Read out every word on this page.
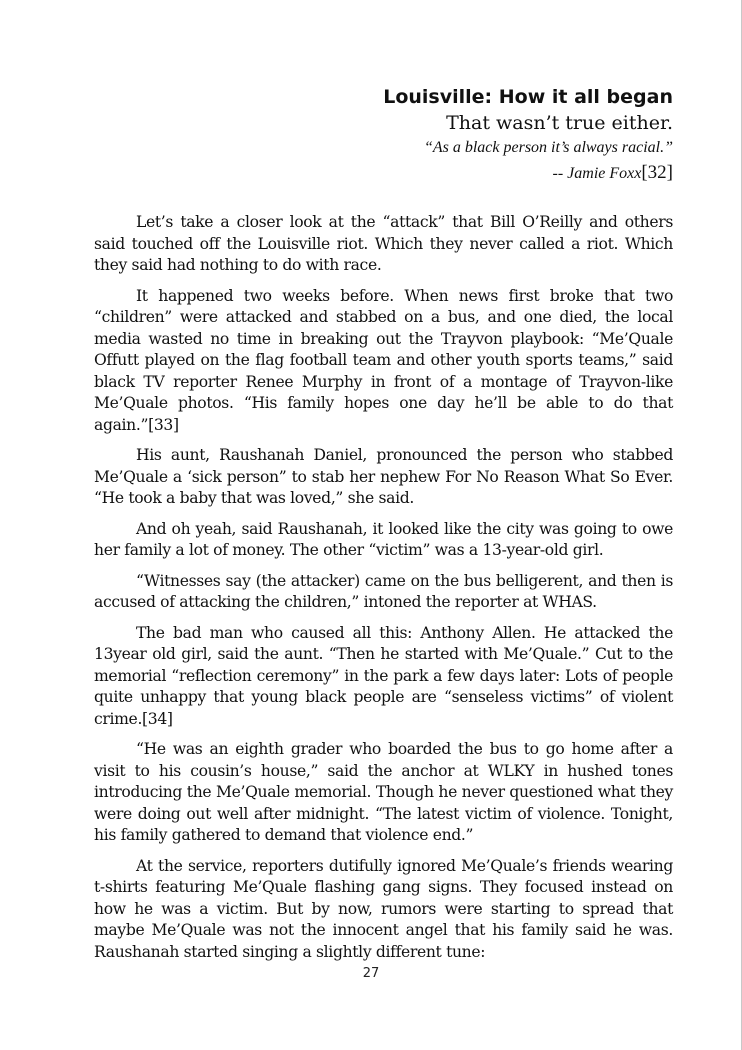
Louisville: How it all began

That wasn’t true either.

“As a black person it’s always racial.”

-- Jamie Foxx[32]

Let’s take a closer look at the “attack” that Bill O’Reilly and others said touched off the Louisville riot. Which they never called a riot. Which they said had nothing to do with race.

It happened two weeks before. When news first broke that two “children” were attacked and stabbed on a bus, and one died, the local media wasted no time in breaking out the Trayvon playbook: “Me’Quale Offutt played on the flag football team and other youth sports teams,” said black TV reporter Renee Murphy in front of a montage of Trayvon-like Me’Quale photos. “His family hopes one day he’ll be able to do that again.”[33]

His aunt, Raushanah Daniel, pronounced the person who stabbed Me’Quale a ‘sick person” to stab her nephew For No Reason What So Ever. “He took a baby that was loved,” she said.

And oh yeah, said Raushanah, it looked like the city was going to owe her family a lot of money. The other “victim” was a 13-year-old girl.

“Witnesses say (the attacker) came on the bus belligerent, and then is accused of attacking the children,” intoned the reporter at WHAS.

The bad man who caused all this: Anthony Allen. He attacked the 13year old girl, said the aunt. “Then he started with Me’Quale.” Cut to the memorial “reflection ceremony” in the park a few days later: Lots of people quite unhappy that young black people are “senseless victims” of violent crime.[34]

“He was an eighth grader who boarded the bus to go home after a visit to his cousin’s house,” said the anchor at WLKY in hushed tones introducing the Me’Quale memorial. Though he never questioned what they were doing out well after midnight. “The latest victim of violence. Tonight, his family gathered to demand that violence end.”

At the service, reporters dutifully ignored Me’Quale’s friends wearing t-shirts featuring Me’Quale flashing gang signs. They focused instead on how he was a victim. But by now, rumors were starting to spread that maybe Me’Quale was not the innocent angel that his family said he was. Raushanah started singing a slightly different tune:

27
